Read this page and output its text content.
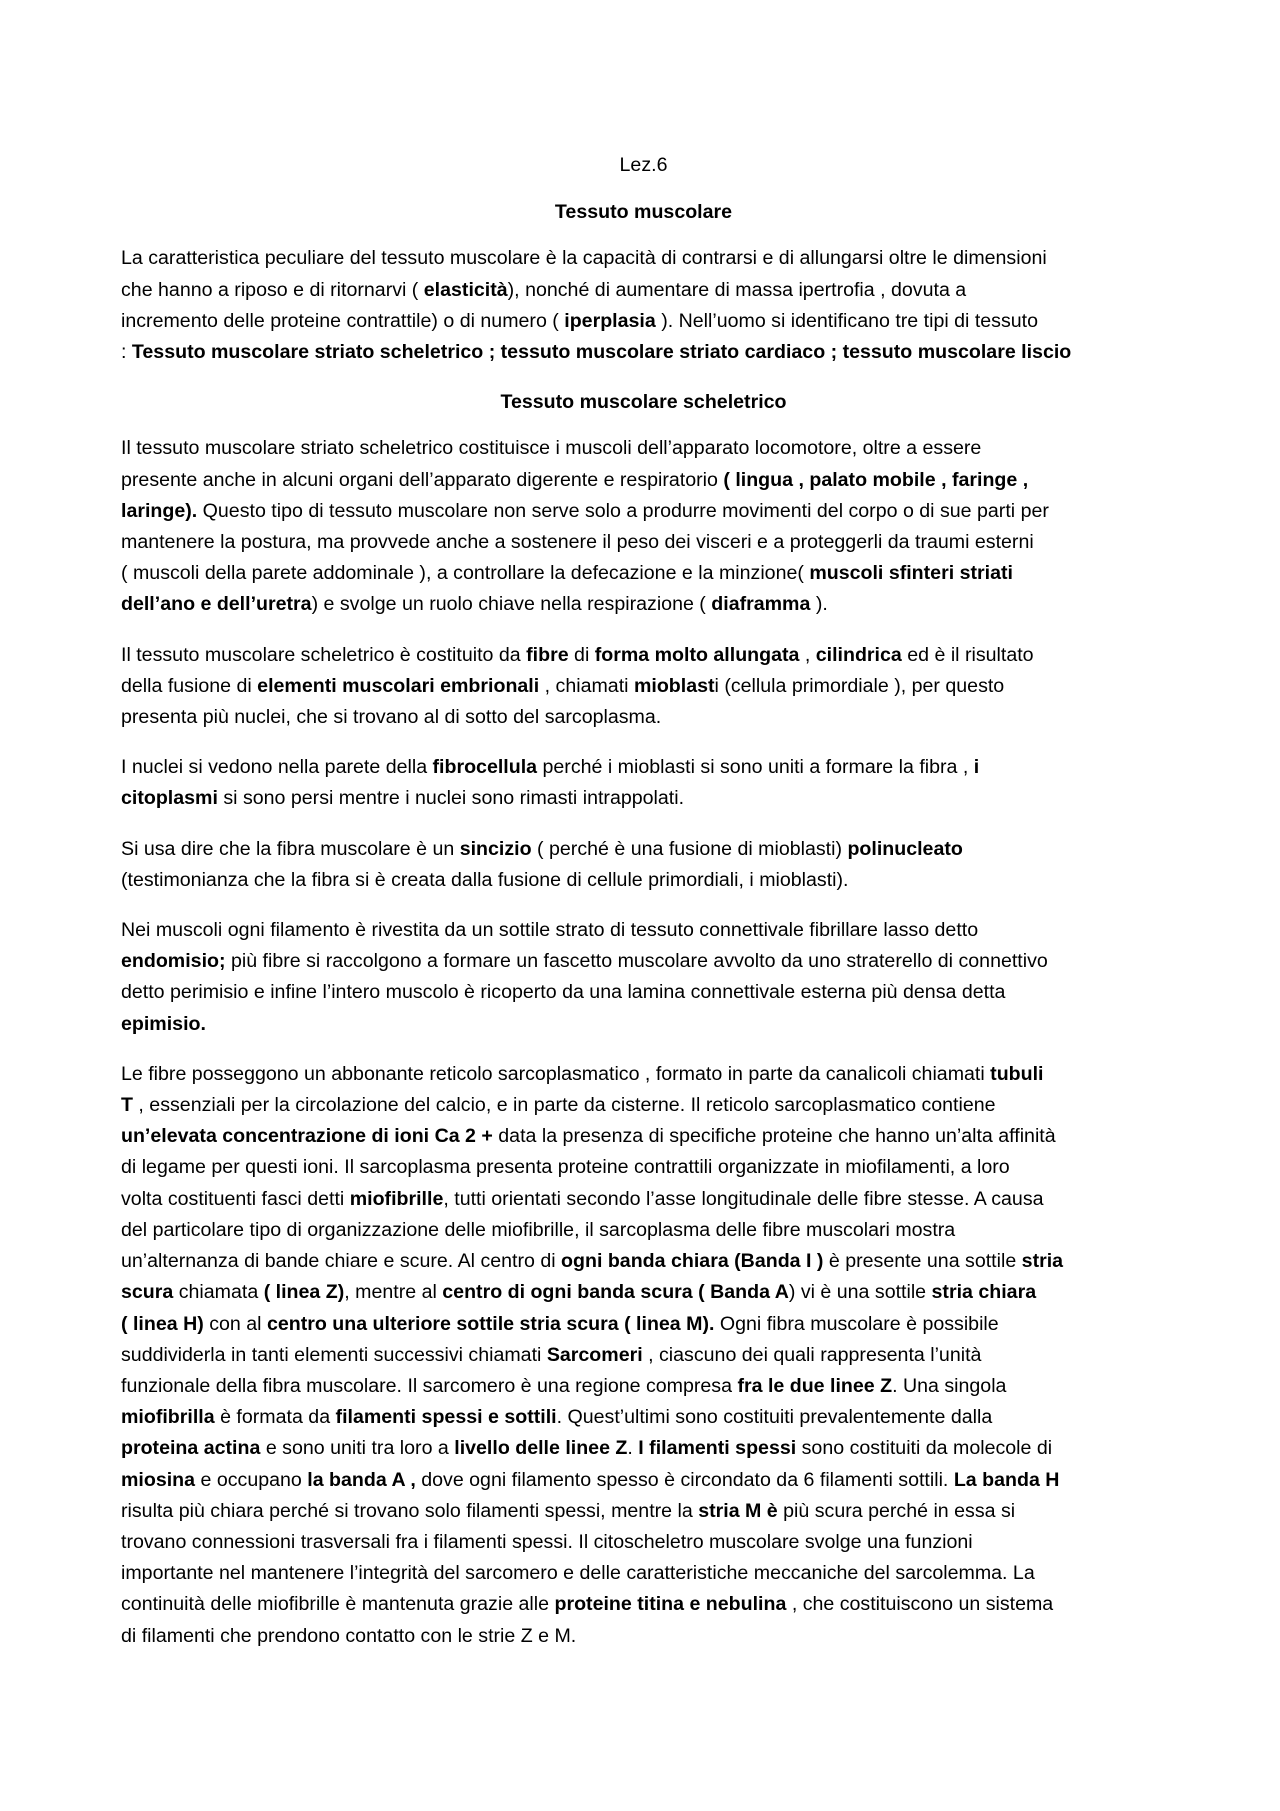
Lez.6
Tessuto muscolare
La caratteristica peculiare del tessuto muscolare è la capacità di contrarsi e di allungarsi oltre le dimensioni
che hanno a riposo e di ritornarvi ( elasticità), nonché di aumentare di massa ipertrofia , dovuta a
incremento delle proteine contrattile) o di numero ( iperplasia ). Nell’uomo si identificano tre tipi di tessuto
: Tessuto muscolare striato scheletrico ; tessuto muscolare striato cardiaco ; tessuto muscolare liscio
Tessuto muscolare scheletrico
Il tessuto muscolare striato scheletrico costituisce i muscoli dell’apparato locomotore, oltre a essere
presente anche in alcuni organi dell’apparato digerente e respiratorio ( lingua , palato mobile , faringe ,
laringe). Questo tipo di tessuto muscolare non serve solo a produrre movimenti del corpo o di sue parti per
mantenere la postura, ma provvede anche a sostenere il peso dei visceri e a proteggerli da traumi esterni
( muscoli della parete addominale ), a controllare la defecazione e la minzione( muscoli sfinteri striati
dell’ano e dell’uretra) e svolge un ruolo chiave nella respirazione ( diaframma ).
Il tessuto muscolare scheletrico è costituito da fibre di forma molto allungata , cilindrica ed è il risultato
della fusione di elementi muscolari embrionali , chiamati mioblasti (cellula primordiale ), per questo
presenta più nuclei, che si trovano al di sotto del sarcoplasma.
I nuclei si vedono nella parete della fibrocellula perché i mioblasti si sono uniti a formare la fibra , i
citoplasmi si sono persi mentre i nuclei sono rimasti intrappolati.
Si usa dire che la fibra muscolare è un sincizio ( perché è una fusione di mioblasti) polinucleato
(testimonianza che la fibra si è creata dalla fusione di cellule primordiali, i mioblasti).
Nei muscoli ogni filamento è rivestita da un sottile strato di tessuto connettivale fibrillare lasso detto
endomisio; più fibre si raccolgono a formare un fascetto muscolare avvolto da uno straterello di connettivo
detto perimisio e infine l’intero muscolo è ricoperto da una lamina connettivale esterna più densa detta
epimisio.
Le fibre posseggono un abbonante reticolo sarcoplasmatico , formato in parte da canalicoli chiamati tubuli
T , essenziali per la circolazione del calcio, e in parte da cisterne. Il reticolo sarcoplasmatico contiene
un’elevata concentrazione di ioni Ca 2 + data la presenza di specifiche proteine che hanno un’alta affinità
di legame per questi ioni. Il sarcoplasma presenta proteine contrattili organizzate in miofilamenti, a loro
volta costituenti fasci detti miofibrille, tutti orientati secondo l’asse longitudinale delle fibre stesse. A causa
del particolare tipo di organizzazione delle miofibrille, il sarcoplasma delle fibre muscolari mostra
un’alternanza di bande chiare e scure. Al centro di ogni banda chiara (Banda I ) è presente una sottile stria
scura chiamata ( linea Z), mentre al centro di ogni banda scura ( Banda A) vi è una sottile stria chiara
( linea H) con al centro una ulteriore sottile stria scura ( linea M). Ogni fibra muscolare è possibile
suddividerla in tanti elementi successivi chiamati Sarcomeri , ciascuno dei quali rappresenta l’unità
funzionale della fibra muscolare. Il sarcomero è una regione compresa fra le due linee Z. Una singola
miofibrilla è formata da filamenti spessi e sottili. Quest’ultimi sono costituiti prevalentemente dalla
proteina actina e sono uniti tra loro a livello delle linee Z. I filamenti spessi sono costituiti da molecole di
miosina e occupano la banda A , dove ogni filamento spesso è circondato da 6 filamenti sottili. La banda H
risulta più chiara perché si trovano solo filamenti spessi, mentre la stria M è più scura perché in essa si
trovano connessioni trasversali fra i filamenti spessi. Il citoscheletro muscolare svolge una funzioni
importante nel mantenere l’integrità del sarcomero e delle caratteristiche meccaniche del sarcolemma. La
continuità delle miofibrille è mantenuta grazie alle proteine titina e nebulina , che costituiscono un sistema
di filamenti che prendono contatto con le strie Z e M.
